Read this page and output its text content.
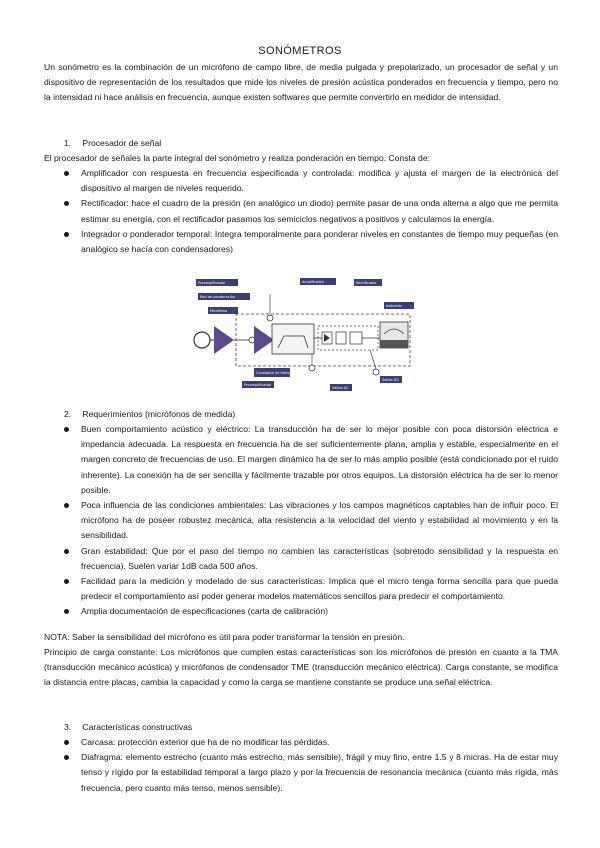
SONÓMETROS
Un sonómetro es la combinación de un micrófono de campo libre, de media pulgada y prepolarizado, un procesador de señal y un dispositivo de representación de los resultados que mide los niveles de presión acústica ponderados en frecuencia y tiempo, pero no la intensidad ni hace análisis en frecuencia, aunque existen softwares que permite convertirlo en medidor de intensidad.
1. Procesador de señal
El procesador de señales la parte integral del sonómetro y realiza ponderación en tiempo. Consta de:
Amplificador con respuesta en frecuencia especificada y controlada: modifica y ajusta el margen de la electrónica del dispositivo al margen de niveles requerido.
Rectificador: hace el cuadro de la presión (en analógico un diodo) permite pasar de una onda alterna a algo que me permita estimar su energía, con el rectificador pasamos los semiciclos negativos a positivos y calculamos la energía.
Integrador o ponderador temporal: Integra temporalmente para ponderar niveles en constantes de tiempo muy pequeñas (en analógico se hacía con condensadores)
Preamplificador
Red de ponderación
Micrófono
Amplificador	Rectificador
Indicador
Constante de tiempo
Preamplificador
Salida AC
Salida DC
2. Requerimientos (micrófonos de medida)
Buen comportamiento acústico y eléctrico: La transducción ha de ser lo mejor posible con poca distorsión eléctrica e impedancia adecuada. La respuesta en frecuencia ha de ser suficientemente plana, amplia y estable, especialmente en el margen concreto de frecuencias de uso. El margen dinámico ha de ser lo más amplio posible (está condicionado por el ruido inherente). La conexión ha de ser sencilla y fácilmente trazable por otros equipos. La distorsión eléctrica ha de ser lo menor posible.
Poca influencia de las condiciones ambientales: Las vibraciones y los campos magnéticos captables han de influir poco. El micrófono ha de poseer robustez mecánica, alta resistencia a la velocidad del viento y estabilidad al movimiento y en la sensibilidad.
Gran estabilidad: Que por el paso del tiempo no cambien las características (sobretodo sensibilidad y la respuesta en frecuencia). Suelen variar 1dB cada 500 años.
Facilidad para la medición y modelado de sus características: Implica que el micro tenga forma sencilla para que pueda predecir el comportamiento así poder generar modelos matemáticos sencillos para predecir el comportamiento.
Amplia documentación de especificaciones (carta de calibración)
NOTA: Saber la sensibilidad del micrófono es útil para poder transformar la tensión en presión.
Principio de carga constante: Los micrófonos que cumplen estas características son los micrófonos de presión en cuanto a la TMA (transducción mecánico acústica) y micrófonos de condensador TME (transducción mecánico eléctrica). Carga constante, se modifica la distancia entre placas, cambia la capacidad y como la carga se mantiene constante se produce una señal eléctrica.
3. Características constructivas
Carcasa: protección exterior que ha de no modificar las pérdidas.
Diafragma: elemento estrecho (cuanto más estrecho, más sensible), frágil y muy fino, entre 1.5 y 8 micras. Ha de estar muy tenso y rígido por la estabilidad temporal a largo plazo y por la frecuencia de resonancia mecánica (cuanto más rígida, más frecuencia, pero cuanto más tenso, menos sensible).
